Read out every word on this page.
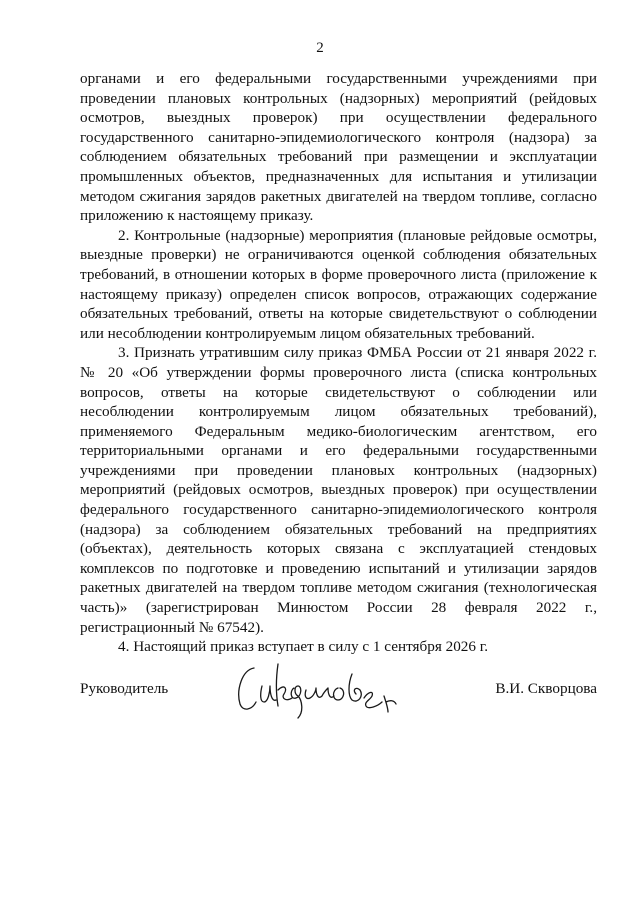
2

органами и его федеральными государственными учреждениями при проведении плановых контрольных (надзорных) мероприятий (рейдовых осмотров, выездных проверок) при осуществлении федерального государственного санитарно-эпидемиологического контроля (надзора) за соблюдением обязательных требований при размещении и эксплуатации промышленных объектов, предназначенных для испытания и утилизации методом сжигания зарядов ракетных двигателей на твердом топливе, согласно приложению к настоящему приказу.

2. Контрольные (надзорные) мероприятия (плановые рейдовые осмотры, выездные проверки) не ограничиваются оценкой соблюдения обязательных требований, в отношении которых в форме проверочного листа (приложение к настоящему приказу) определен список вопросов, отражающих содержание обязательных требований, ответы на которые свидетельствуют о соблюдении или несоблюдении контролируемым лицом обязательных требований.

3. Признать утратившим силу приказ ФМБА России от 21 января 2022 г. № 20 «Об утверждении формы проверочного листа (списка контрольных вопросов, ответы на которые свидетельствуют о соблюдении или несоблюдении контролируемым лицом обязательных требований), применяемого Федеральным медико-биологическим агентством, его территориальными органами и его федеральными государственными учреждениями при проведении плановых контрольных (надзорных) мероприятий (рейдовых осмотров, выездных проверок) при осуществлении федерального государственного санитарно-эпидемиологического контроля (надзора) за соблюдением обязательных требований на предприятиях (объектах), деятельность которых связана с эксплуатацией стендовых комплексов по подготовке и проведению испытаний и утилизации зарядов ракетных двигателей на твердом топливе методом сжигания (технологическая часть)» (зарегистрирован Минюстом России 28 февраля 2022 г., регистрационный № 67542).

4. Настоящий приказ вступает в силу с 1 сентября 2026 г.

Руководитель	В.И. Скворцова
